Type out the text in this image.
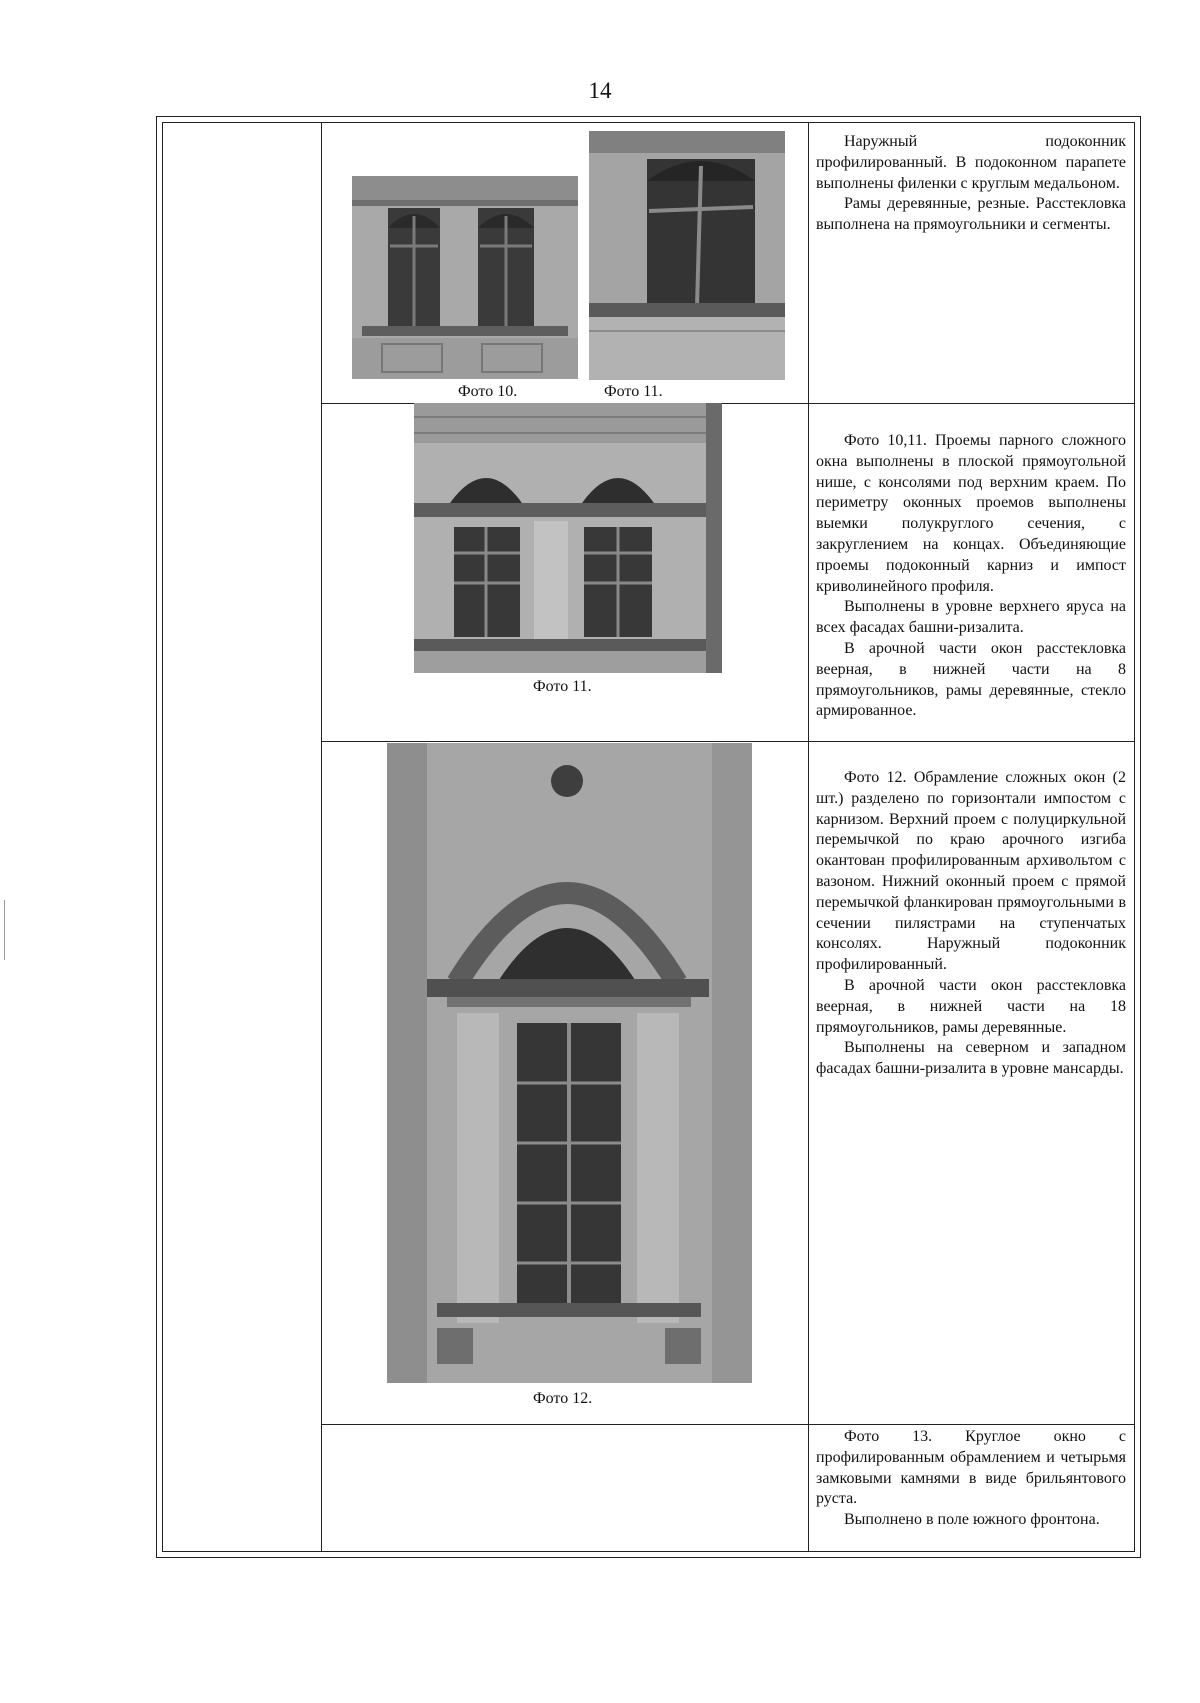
14
Фото 10.	Фото 11.

Наружный подоконник профилированный. В подоконном парапете выполнены филенки с круглым медальоном.

Рамы деревянные, резные. Расстекловка выполнена на прямоугольники и сегменты.

Фото 11.

Фото 10,11. Проемы парного сложного окна выполнены в плоской прямоугольной нише, с консолями под верхним краем. По периметру оконных проемов выполнены выемки полукруглого сечения, с закруглением на концах. Объединяющие проемы подоконный карниз и импост криволинейного профиля.

Выполнены в уровне верхнего яруса на всех фасадах башни-ризалита.

В арочной части окон расстекловка веерная, в нижней части на 8 прямоугольников, рамы деревянные, стекло армированное.

Фото 12.

Фото 12. Обрамление сложных окон (2 шт.) разделено по горизонтали импостом с карнизом. Верхний проем с полуциркульной перемычкой по краю арочного изгиба окантован профилированным архивольтом с вазоном. Нижний оконный проем с прямой перемычкой фланкирован прямоугольными в сечении пилястрами на ступенчатых консолях. Наружный подоконник профилированный.

В арочной части окон расстекловка веерная, в нижней части на 18 прямоугольников, рамы деревянные.

Выполнены на северном и западном фасадах башни-ризалита в уровне мансарды.

Фото 13. Круглое окно с профилированным обрамлением и четырьмя замковыми камнями в виде брильянтового руста.

Выполнено в поле южного фронтона.
